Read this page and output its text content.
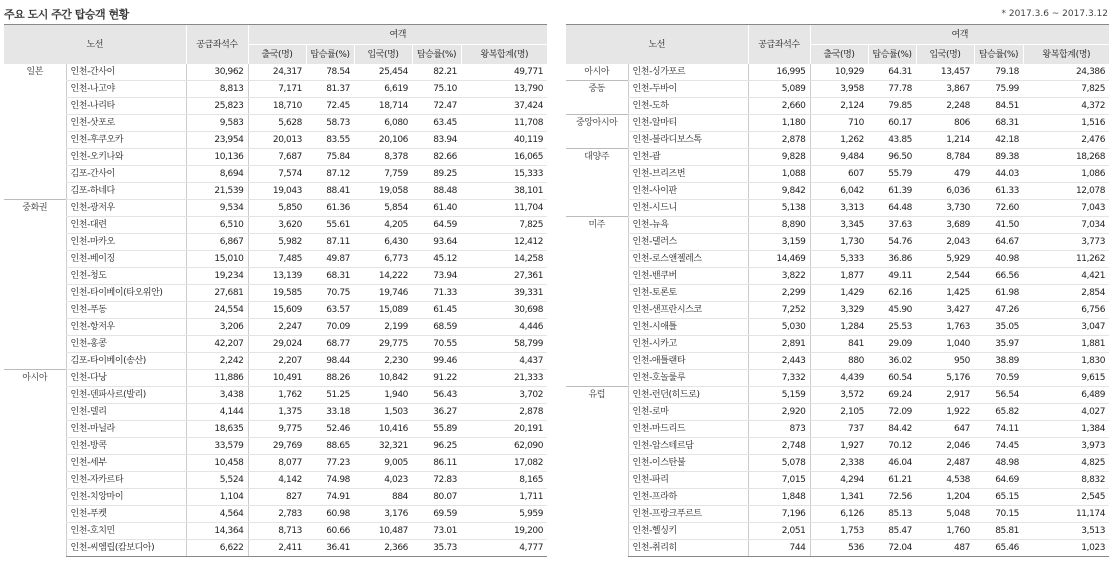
주요 도시 주간 탑승객 현황	* 2017.3.6 ~ 2017.3.12
노선		공급좌석수	여객				
			출국(명)	탑승률(%)	입국(명)	탑승률(%)	왕복합계(명)
일본	인천-간사이	30,962	24,317	78.54	25,454	82.21	49,771
	인천-나고야	8,813	7,171	81.37	6,619	75.10	13,790
	인천-나리타	25,823	18,710	72.45	18,714	72.47	37,424
	인천-삿포로	9,583	5,628	58.73	6,080	63.45	11,708
	인천-후쿠오카	23,954	20,013	83.55	20,106	83.94	40,119
	인천-오키나와	10,136	7,687	75.84	8,378	82.66	16,065
	김포-간사이	8,694	7,574	87.12	7,759	89.25	15,333
	김포-하네다	21,539	19,043	88.41	19,058	88.48	38,101
중화권	인천-광저우	9,534	5,850	61.36	5,854	61.40	11,704
	인천-대련	6,510	3,620	55.61	4,205	64.59	7,825
	인천-마카오	6,867	5,982	87.11	6,430	93.64	12,412
	인천-베이징	15,010	7,485	49.87	6,773	45.12	14,258
	인천-청도	19,234	13,139	68.31	14,222	73.94	27,361
	인천-타이베이(타오위안)	27,681	19,585	70.75	19,746	71.33	39,331
	인천-푸동	24,554	15,609	63.57	15,089	61.45	30,698
	인천-항저우	3,206	2,247	70.09	2,199	68.59	4,446
	인천-홍콩	42,207	29,024	68.77	29,775	70.55	58,799
	김포-타이베이(송산)	2,242	2,207	98.44	2,230	99.46	4,437
아시아	인천-다낭	11,886	10,491	88.26	10,842	91.22	21,333
	인천-덴파사르(발리)	3,438	1,762	51.25	1,940	56.43	3,702
	인천-델리	4,144	1,375	33.18	1,503	36.27	2,878
	인천-마닐라	18,635	9,775	52.46	10,416	55.89	20,191
	인천-방콕	33,579	29,769	88.65	32,321	96.25	62,090
	인천-세부	10,458	8,077	77.23	9,005	86.11	17,082
	인천-자카르타	5,524	4,142	74.98	4,023	72.83	8,165
	인천-치앙마이	1,104	827	74.91	884	80.07	1,711
	인천-푸켓	4,564	2,783	60.98	3,176	69.59	5,959
	인천-호치민	14,364	8,713	60.66	10,487	73.01	19,200
	인천-씨엠립(캄보디아)	6,622	2,411	36.41	2,366	35.73	4,777
노선		공급좌석수	여객				
			출국(명)	탑승률(%)	입국(명)	탑승률(%)	왕복합계(명)
아시아	인천-싱가포르	16,995	10,929	64.31	13,457	79.18	24,386
중동	인천-두바이	5,089	3,958	77.78	3,867	75.99	7,825
	인천-도하	2,660	2,124	79.85	2,248	84.51	4,372
중앙아시아	인천-알마티	1,180	710	60.17	806	68.31	1,516
	인천-블라디보스톡	2,878	1,262	43.85	1,214	42.18	2,476
대양주	인천-괌	9,828	9,484	96.50	8,784	89.38	18,268
	인천-브리즈번	1,088	607	55.79	479	44.03	1,086
	인천-사이판	9,842	6,042	61.39	6,036	61.33	12,078
	인천-시드니	5,138	3,313	64.48	3,730	72.60	7,043
미주	인천-뉴욕	8,890	3,345	37.63	3,689	41.50	7,034
	인천-댈러스	3,159	1,730	54.76	2,043	64.67	3,773
	인천-로스앤젤레스	14,469	5,333	36.86	5,929	40.98	11,262
	인천-밴쿠버	3,822	1,877	49.11	2,544	66.56	4,421
	인천-토론토	2,299	1,429	62.16	1,425	61.98	2,854
	인천-샌프란시스코	7,252	3,329	45.90	3,427	47.26	6,756
	인천-시애틀	5,030	1,284	25.53	1,763	35.05	3,047
	인천-시카고	2,891	841	29.09	1,040	35.97	1,881
	인천-애틀랜타	2,443	880	36.02	950	38.89	1,830
	인천-호놀룰루	7,332	4,439	60.54	5,176	70.59	9,615
유럽	인천-런던(히드로)	5,159	3,572	69.24	2,917	56.54	6,489
	인천-로마	2,920	2,105	72.09	1,922	65.82	4,027
	인천-마드리드	873	737	84.42	647	74.11	1,384
	인천-암스테르담	2,748	1,927	70.12	2,046	74.45	3,973
	인천-이스탄불	5,078	2,338	46.04	2,487	48.98	4,825
	인천-파리	7,015	4,294	61.21	4,538	64.69	8,832
	인천-프라하	1,848	1,341	72.56	1,204	65.15	2,545
	인천-프랑크푸르트	7,196	6,126	85.13	5,048	70.15	11,174
	인천-헬싱키	2,051	1,753	85.47	1,760	85.81	3,513
	인천-취리히	744	536	72.04	487	65.46	1,023
